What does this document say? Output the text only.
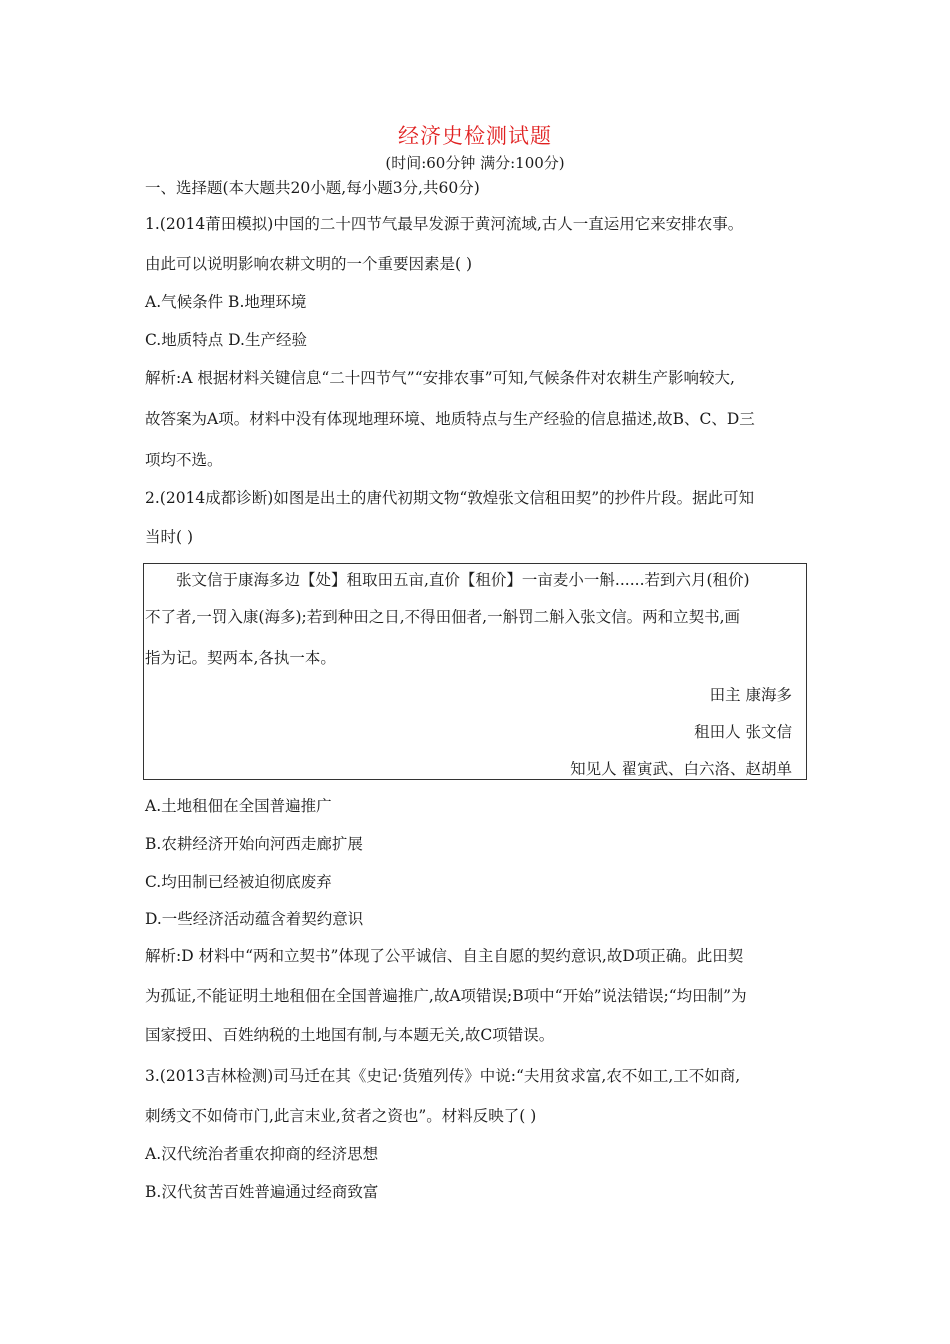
经济史检测试题
(时间:60分钟 满分:100分)
一、选择题(本大题共20小题,每小题3分,共60分)
1.(2014莆田模拟)中国的二十四节气最早发源于黄河流域,古人一直运用它来安排农事。
由此可以说明影响农耕文明的一个重要因素是( )
A.气候条件 B.地理环境
C.地质特点 D.生产经验
解析:A 根据材料关键信息“二十四节气”“安排农事”可知,气候条件对农耕生产影响较大,
故答案为A项。材料中没有体现地理环境、地质特点与生产经验的信息描述,故B、C、D三
项均不选。
2.(2014成都诊断)如图是出土的唐代初期文物“敦煌张文信租田契”的抄件片段。据此可知
当时( )
张文信于康海多边【处】租取田五亩,直价【租价】一亩麦小一斛......若到六月(租价)
不了者,一罚入康(海多);若到种田之日,不得田佃者,一斛罚二斛入张文信。两和立契书,画
指为记。契两本,各执一本。
田主 康海多
租田人 张文信
知见人 翟寅武、白六洛、赵胡单
A.土地租佃在全国普遍推广
B.农耕经济开始向河西走廊扩展
C.均田制已经被迫彻底废弃
D.一些经济活动蕴含着契约意识
解析:D 材料中“两和立契书”体现了公平诚信、自主自愿的契约意识,故D项正确。此田契
为孤证,不能证明土地租佃在全国普遍推广,故A项错误;B项中“开始”说法错误;“均田制”为
国家授田、百姓纳税的土地国有制,与本题无关,故C项错误。
3.(2013吉林检测)司马迁在其《史记·货殖列传》中说:“夫用贫求富,农不如工,工不如商,
刺绣文不如倚市门,此言末业,贫者之资也”。材料反映了( )
A.汉代统治者重农抑商的经济思想
B.汉代贫苦百姓普遍通过经商致富
